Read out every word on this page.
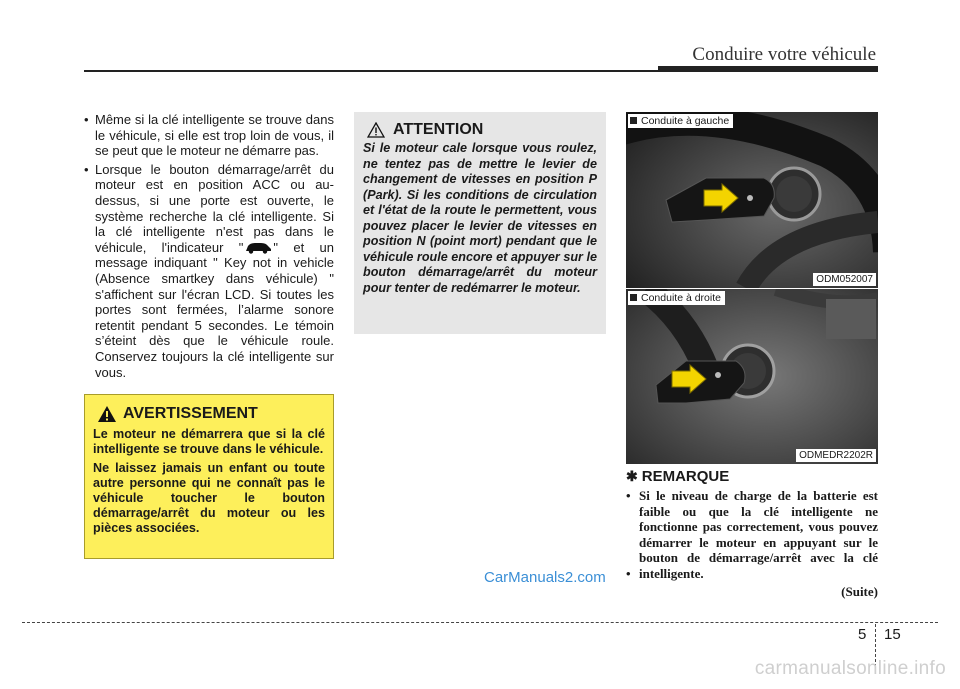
Conduire votre véhicule
• Même si la clé intelligente se trouve dans le véhicule, si elle est trop loin de vous, il se peut que le moteur ne démarre pas.
• Lorsque le bouton démarrage/arrêt du moteur est en position ACC ou au-dessus, si une porte est ouverte, le système recherche la clé intelligente. Si la clé intelligente n'est pas dans le véhicule, l'indicateur " " et un message indiquant " Key not in vehicle (Absence smartkey dans véhicule) " s'affichent sur l'écran LCD. Si toutes les portes sont fermées, l’alarme sonore retentit pendant 5 secondes. Le témoin s’éteint dès que le véhicule roule. Conservez toujours la clé intelligente sur vous.
AVERTISSEMENT

Le moteur ne démarrera que si la clé intelligente se trouve dans le véhicule.

Ne laissez jamais un enfant ou toute autre personne qui ne connaît pas le véhicule toucher le bouton démarrage/arrêt du moteur ou les pièces associées.

ATTENTION
Si le moteur cale lorsque vous roulez, ne tentez pas de mettre le levier de changement de vitesses en position P (Park). Si les conditions de circulation et l'état de la route le permettent, vous pouvez placer le levier de vitesses en position N (point mort) pendant que le véhicule roule encore et appuyer sur le bouton démarrage/arrêt du moteur pour tenter de redémarrer le moteur.
Conduite à gauche
ODM052007
Conduite à droite
ODMEDR2202R
✱ REMARQUE
• Si le niveau de charge de la batterie est faible ou que la clé intelligente ne fonctionne pas correctement, vous pouvez démarrer le moteur en appuyant sur le bouton de démarrage/arrêt avec la clé
• intelligente.
(Suite)
CarManuals2.com
5 15
carmanualsonline.info
